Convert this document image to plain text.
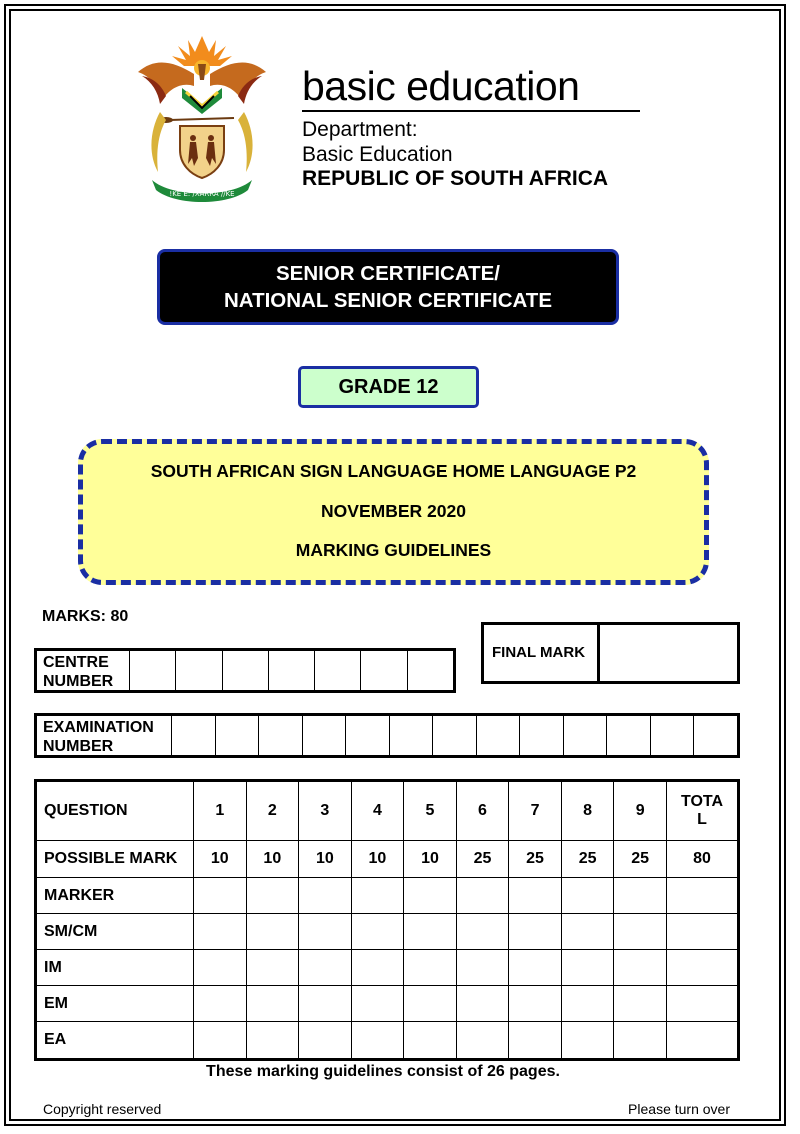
!KE E: /XARRA //KE
basic education
Department:
Basic Education
REPUBLIC OF SOUTH AFRICA
SENIOR CERTIFICATE/
NATIONAL SENIOR CERTIFICATE
GRADE 12
SOUTH AFRICAN SIGN LANGUAGE HOME LANGUAGE P2
NOVEMBER 2020
MARKING GUIDELINES
MARKS: 80
CENTRE
NUMBER
FINAL MARK
EXAMINATION
NUMBER
QUESTION	1	2	3	4	5	6	7	8	9	TOTA
L

POSSIBLE MARK	10	10	10	10	10	25	25	25	25	80
MARKER										
SM/CM										
IM										
EM										
EA										
These marking guidelines consist of 26 pages.
Copyright reserved	Please turn over
